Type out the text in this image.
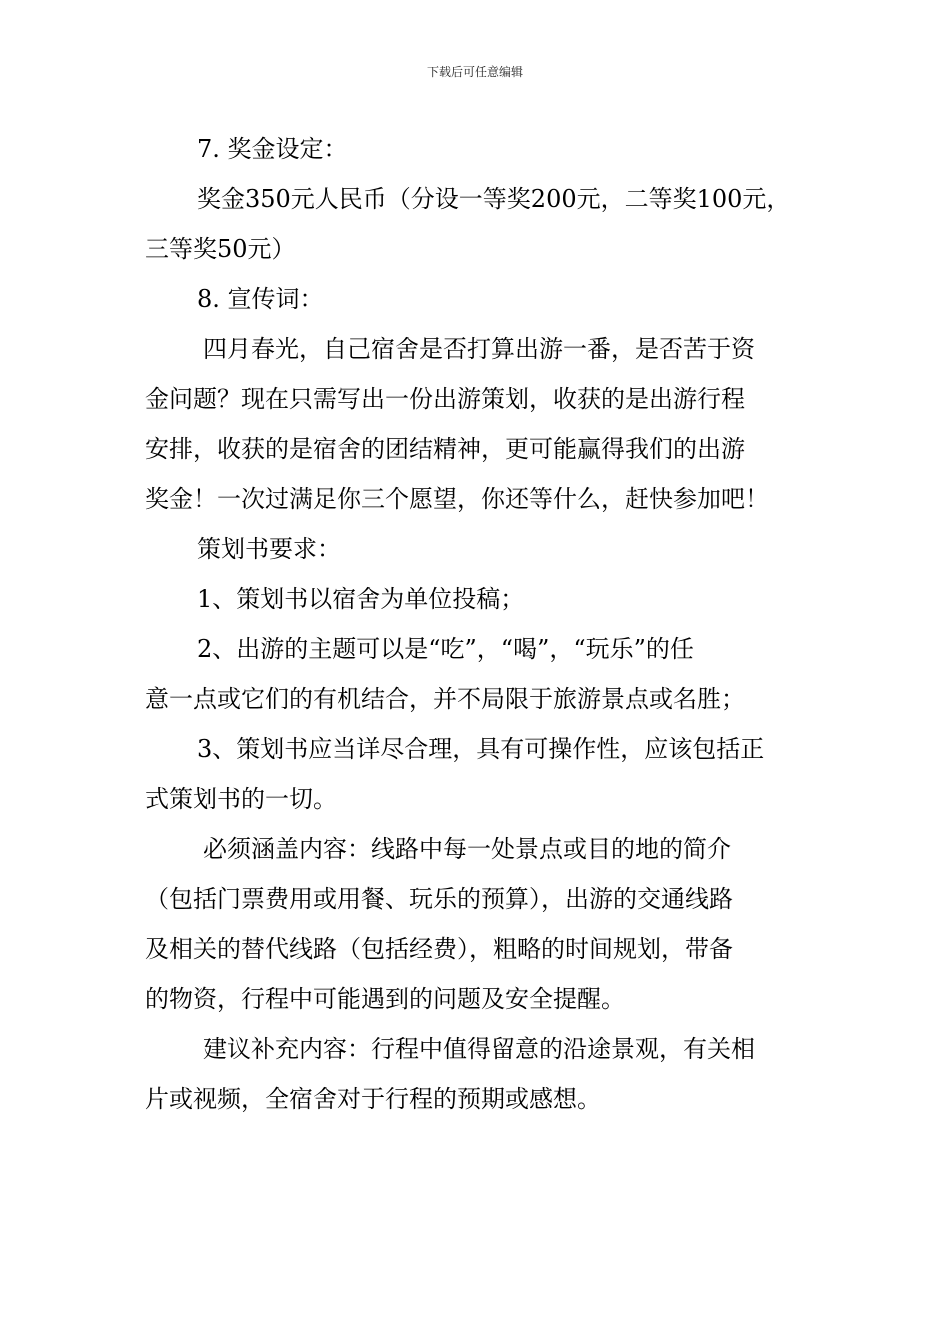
下载后可任意编辑

7. 奖金设定：

奖金350元人民币（分设一等奖200元，二等奖100元，
三等奖50元）

8. 宣传词：

四月春光，自己宿舍是否打算出游一番，是否苦于资
金问题？现在只需写出一份出游策划，收获的是出游行程
安排，收获的是宿舍的团结精神，更可能赢得我们的出游
奖金！一次过满足你三个愿望，你还等什么，赶快参加吧！

策划书要求：

1、策划书以宿舍为单位投稿；

2、出游的主题可以是“吃”，“喝”，“玩乐”的任
意一点或它们的有机结合，并不局限于旅游景点或名胜；

3、策划书应当详尽合理，具有可操作性，应该包括正
式策划书的一切。

必须涵盖内容：线路中每一处景点或目的地的简介
（包括门票费用或用餐、玩乐的预算），出游的交通线路
及相关的替代线路（包括经费），粗略的时间规划，带备
的物资，行程中可能遇到的问题及安全提醒。

建议补充内容：行程中值得留意的沿途景观，有关相
片或视频，全宿舍对于行程的预期或感想。
